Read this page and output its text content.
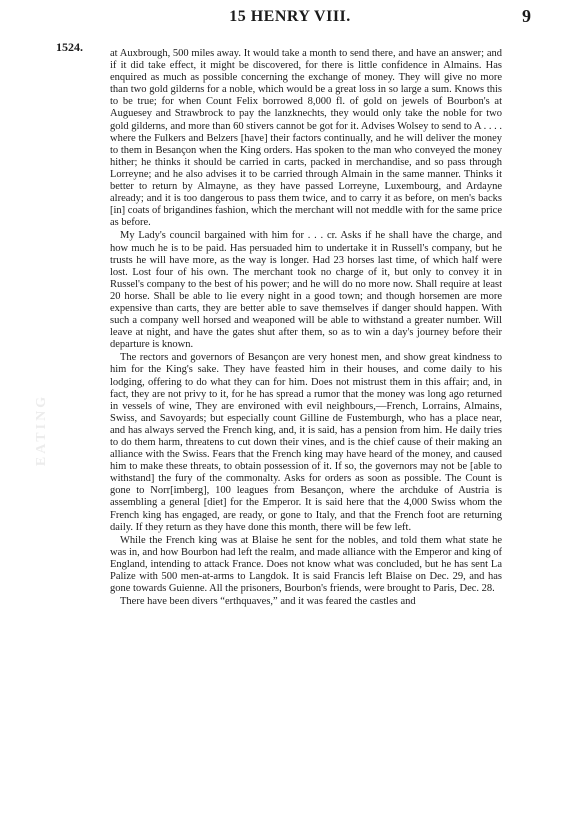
EATING
15 HENRY VIII.	9
1524.	at Auxbrough, 500 miles away. It would take a month to send there, and have an answer; and if it did take effect, it might be discovered, for there is little confidence in Almains. Has enquired as much as possible concerning the exchange of money. They will give no more than two gold gilderns for a noble, which would be a great loss in so large a sum. Knows this to be true; for when Count Felix borrowed 8,000 fl. of gold on jewels of Bourbon's at Auguesey and Strawbrock to pay the lanzknechts, they would only take the noble for two gold gilderns, and more than 60 stivers cannot be got for it. Advises Wolsey to send to A . . . . where the Fulkers and Belzers [have] their factors continually, and he will deliver the money to them in Besançon when the King orders. Has spoken to the man who conveyed the money hither; he thinks it should be carried in carts, packed in merchandise, and so pass through Lorreyne; and he also advises it to be carried through Almain in the same manner. Thinks it better to return by Almayne, as they have passed Lorreyne, Luxembourg, and Ardayne already; and it is too dangerous to pass them twice, and to carry it as before, on men's backs [in] coats of brigandines fashion, which the merchant will not meddle with for the same price as before.

My Lady's council bargained with him for . . . cr. Asks if he shall have the charge, and how much he is to be paid. Has persuaded him to undertake it in Russell's company, but he trusts he will have more, as the way is longer. Had 23 horses last time, of which half were lost. Lost four of his own. The merchant took no charge of it, but only to convey it in Russel's company to the best of his power; and he will do no more now. Shall require at least 20 horse. Shall be able to lie every night in a good town; and though horsemen are more expensive than carts, they are better able to save themselves if danger should happen. With such a company well horsed and weaponed will be able to withstand a greater number. Will leave at night, and have the gates shut after them, so as to win a day's journey before their departure is known.

The rectors and governors of Besançon are very honest men, and show great kindness to him for the King's sake. They have feasted him in their houses, and come daily to his lodging, offering to do what they can for him. Does not mistrust them in this affair; and, in fact, they are not privy to it, for he has spread a rumor that the money was long ago returned in vessels of wine, They are environed with evil neighbours,—French, Lorrains, Almains, Swiss, and Savoyards; but especially count Gilline de Fustemburgh, who has a place near, and has always served the French king, and, it is said, has a pension from him. He daily tries to do them harm, threatens to cut down their vines, and is the chief cause of their making an alliance with the Swiss. Fears that the French king may have heard of the money, and caused him to make these threats, to obtain possession of it. If so, the governors may not be [able to withstand] the fury of the commonalty. Asks for orders as soon as possible. The Count is gone to Norr[imberg], 100 leagues from Besançon, where the archduke of Austria is assembling a general [diet] for the Emperor. It is said here that the 4,000 Swiss whom the French king has engaged, are ready, or gone to Italy, and that the French foot are returning daily. If they return as they have done this month, there will be few left.

While the French king was at Blaise he sent for the nobles, and told them what state he was in, and how Bourbon had left the realm, and made alliance with the Emperor and king of England, intending to attack France. Does not know what was concluded, but he has sent La Palize with 500 men-at-arms to Langdok. It is said Francis left Blaise on Dec. 29, and has gone towards Guienne. All the prisoners, Bourbon's friends, were brought to Paris, Dec. 28.

There have been divers “erthquaves,” and it was feared the castles and
